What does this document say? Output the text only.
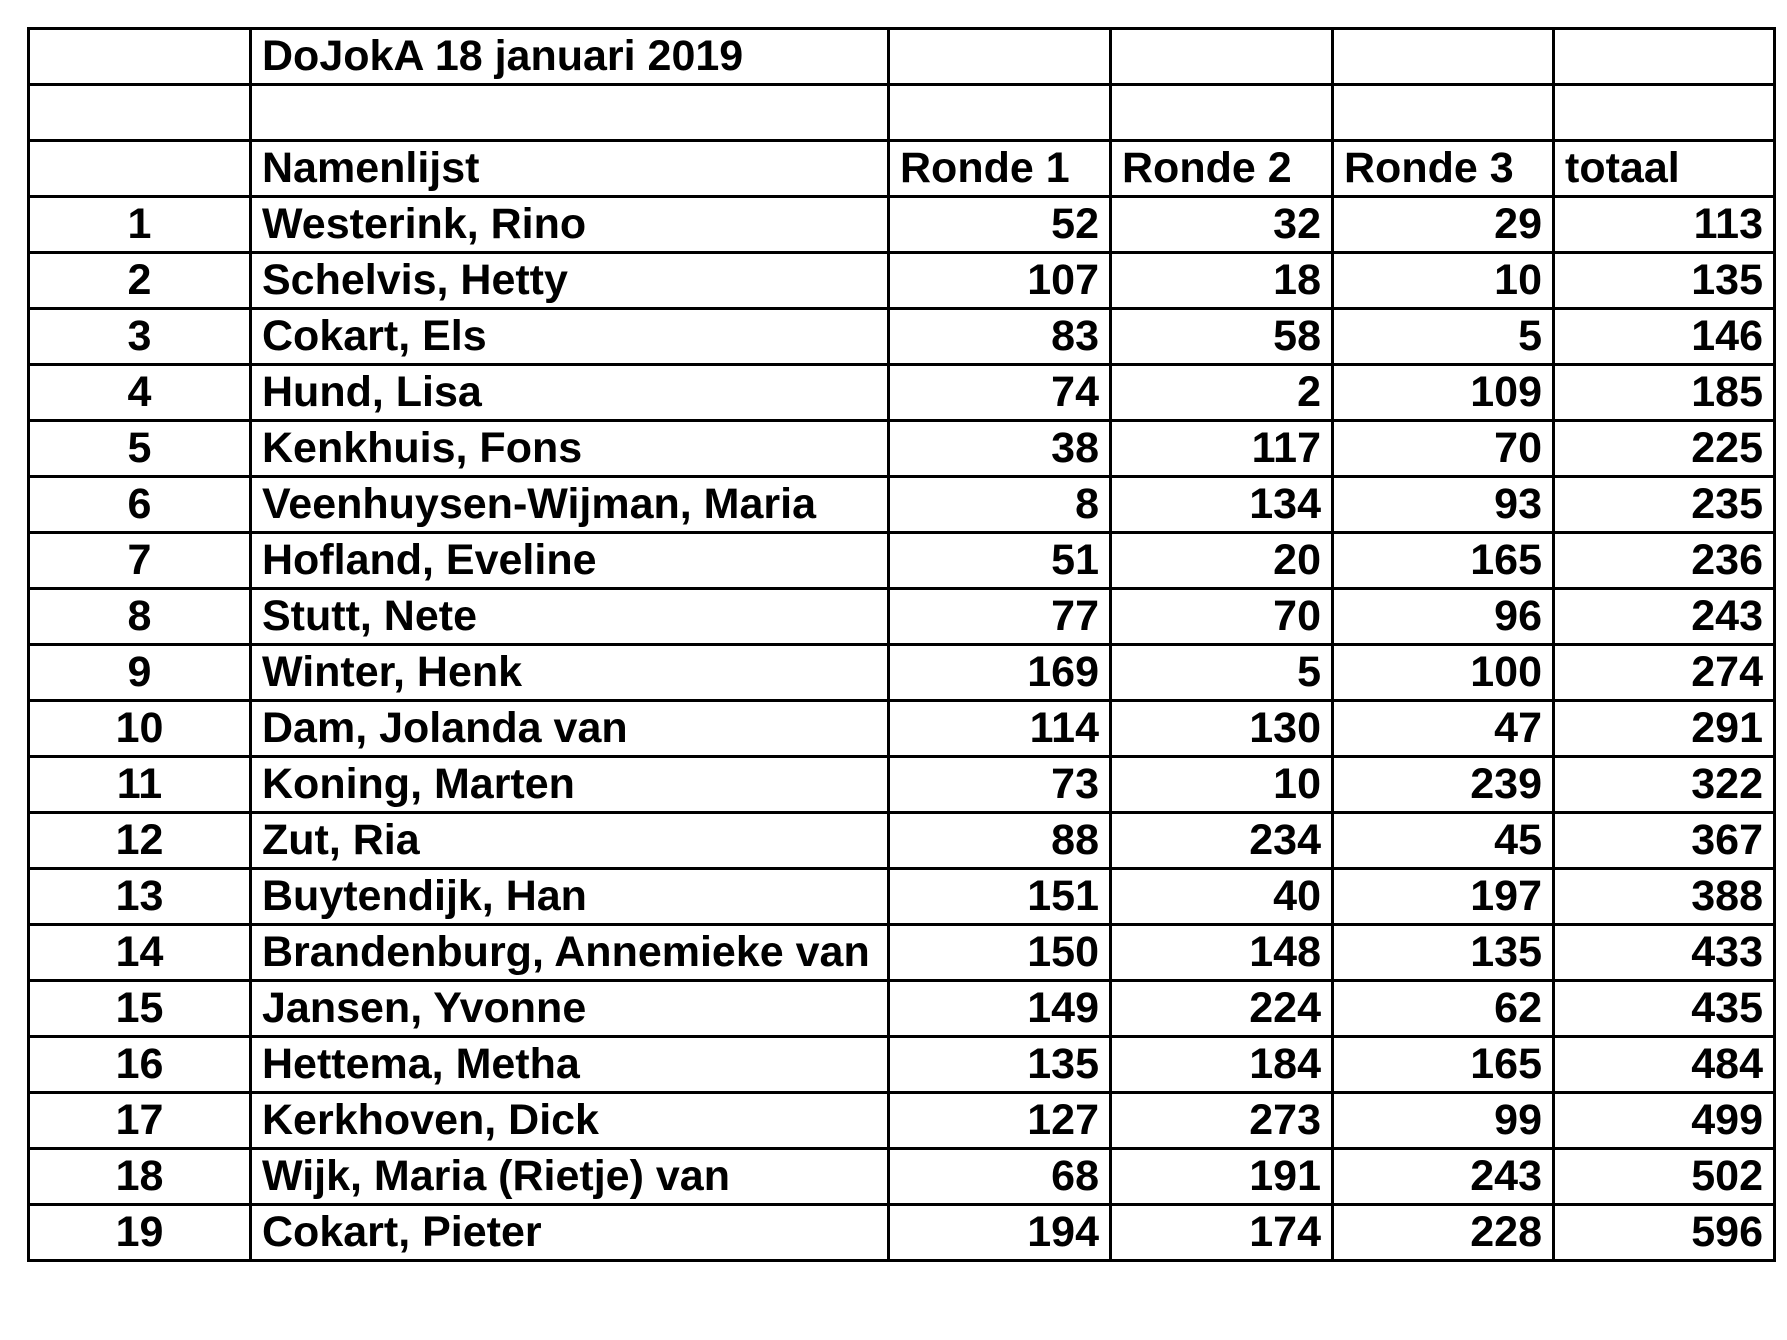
	DoJokA 18 januari 2019				

	Namenlijst	Ronde 1	Ronde 2	Ronde 3	totaal
1	Westerink, Rino	52	32	29	113
2	Schelvis, Hetty	107	18	10	135
3	Cokart, Els	83	58	5	146
4	Hund, Lisa	74	2	109	185
5	Kenkhuis, Fons	38	117	70	225
6	Veenhuysen-Wijman, Maria	8	134	93	235
7	Hofland, Eveline	51	20	165	236
8	Stutt, Nete	77	70	96	243
9	Winter, Henk	169	5	100	274
10	Dam, Jolanda van	114	130	47	291
11	Koning, Marten	73	10	239	322
12	Zut, Ria	88	234	45	367
13	Buytendijk, Han	151	40	197	388
14	Brandenburg, Annemieke van	150	148	135	433
15	Jansen, Yvonne	149	224	62	435
16	Hettema, Metha	135	184	165	484
17	Kerkhoven, Dick	127	273	99	499
18	Wijk, Maria (Rietje) van	68	191	243	502
19	Cokart, Pieter	194	174	228	596
